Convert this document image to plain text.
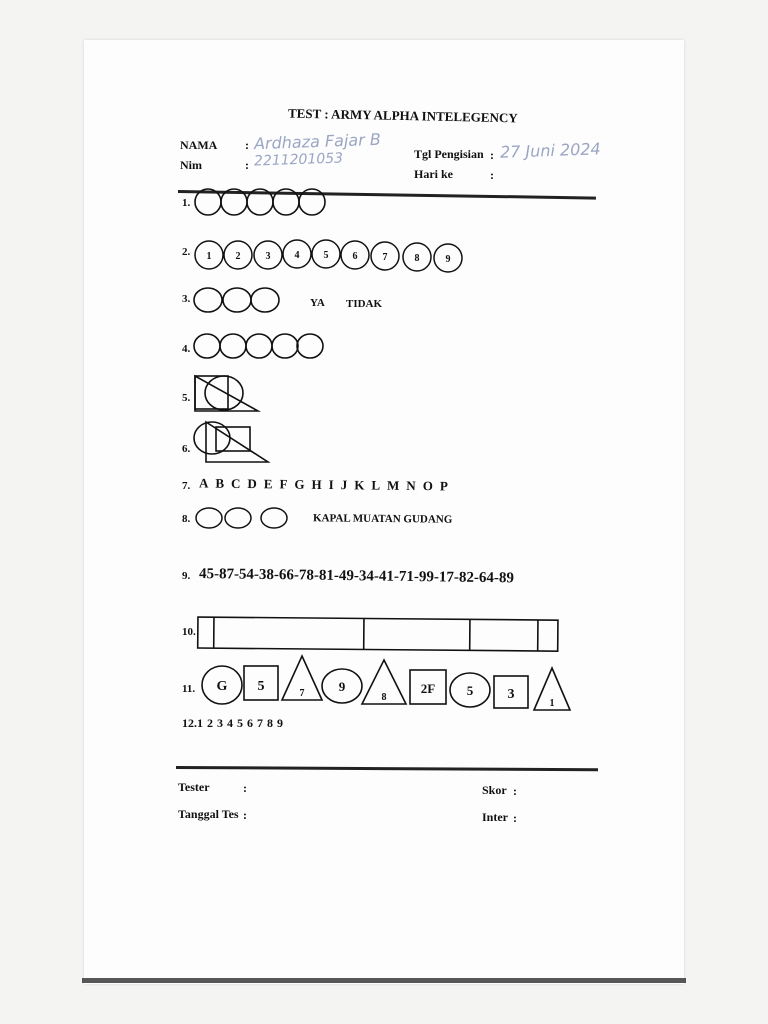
TEST : ARMY ALPHA INTELEGENCY
NAMA : Ardhaza Fajar B
Nim	: 2211201053	Tgl Pengisian : 27 Juni 2024
Hari ke	:
1.
2. 1 2	3 4 5 6	7	8	9
3.	YA TIDAK
4.
5.
6.
7. A B C D E F G H I J K L M N O P
8.	KAPAL MUATAN GUDANG
9. 45-87-54-38-66-78-81-49-34-41-71-99-17-82-64-89
10.
11. G 5	7	9
8
2F 5 3
1
12.1 2 3 4 5 6 7 8 9
Tester	:
Tanggal Tes :
Skor :
Inter :
